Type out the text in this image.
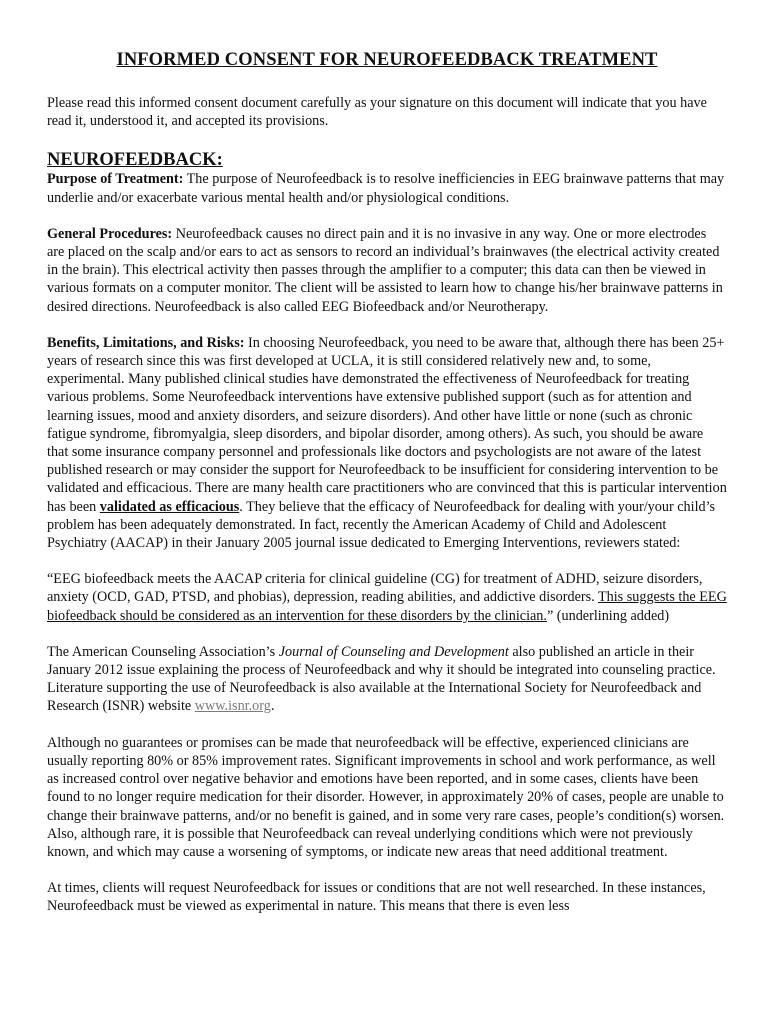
INFORMED CONSENT FOR NEUROFEEDBACK TREATMENT

Please read this informed consent document carefully as your signature on this document will indicate that you have read it, understood it, and accepted its provisions.

NEUROFEEDBACK:

Purpose of Treatment: The purpose of Neurofeedback is to resolve inefficiencies in EEG brainwave patterns that may underlie and/or exacerbate various mental health and/or physiological conditions.

General Procedures: Neurofeedback causes no direct pain and it is no invasive in any way. One or more electrodes are placed on the scalp and/or ears to act as sensors to record an individual’s brainwaves (the electrical activity created in the brain). This electrical activity then passes through the amplifier to a computer; this data can then be viewed in various formats on a computer monitor. The client will be assisted to learn how to change his/her brainwave patterns in desired directions. Neurofeedback is also called EEG Biofeedback and/or Neurotherapy.

Benefits, Limitations, and Risks: In choosing Neurofeedback, you need to be aware that, although there has been 25+ years of research since this was first developed at UCLA, it is still considered relatively new and, to some, experimental. Many published clinical studies have demonstrated the effectiveness of Neurofeedback for treating various problems. Some Neurofeedback interventions have extensive published support (such as for attention and learning issues, mood and anxiety disorders, and seizure disorders). And other have little or none (such as chronic fatigue syndrome, fibromyalgia, sleep disorders, and bipolar disorder, among others). As such, you should be aware that some insurance company personnel and professionals like doctors and psychologists are not aware of the latest published research or may consider the support for Neurofeedback to be insufficient for considering intervention to be validated and efficacious. There are many health care practitioners who are convinced that this is particular intervention has been validated as efficacious. They believe that the efficacy of Neurofeedback for dealing with your/your child’s problem has been adequately demonstrated. In fact, recently the American Academy of Child and Adolescent Psychiatry (AACAP) in their January 2005 journal issue dedicated to Emerging Interventions, reviewers stated:

“EEG biofeedback meets the AACAP criteria for clinical guideline (CG) for treatment of ADHD, seizure disorders, anxiety (OCD, GAD, PTSD, and phobias), depression, reading abilities, and addictive disorders. This suggests the EEG biofeedback should be considered as an intervention for these disorders by the clinician.” (underlining added)

The American Counseling Association’s Journal of Counseling and Development also published an article in their January 2012 issue explaining the process of Neurofeedback and why it should be integrated into counseling practice. Literature supporting the use of Neurofeedback is also available at the International Society for Neurofeedback and Research (ISNR) website www.isnr.org.

Although no guarantees or promises can be made that neurofeedback will be effective, experienced clinicians are usually reporting 80% or 85% improvement rates. Significant improvements in school and work performance, as well as increased control over negative behavior and emotions have been reported, and in some cases, clients have been found to no longer require medication for their disorder. However, in approximately 20% of cases, people are unable to change their brainwave patterns, and/or no benefit is gained, and in some very rare cases, people’s condition(s) worsen. Also, although rare, it is possible that Neurofeedback can reveal underlying conditions which were not previously known, and which may cause a worsening of symptoms, or indicate new areas that need additional treatment.

At times, clients will request Neurofeedback for issues or conditions that are not well researched. In these instances, Neurofeedback must be viewed as experimental in nature. This means that there is even less
